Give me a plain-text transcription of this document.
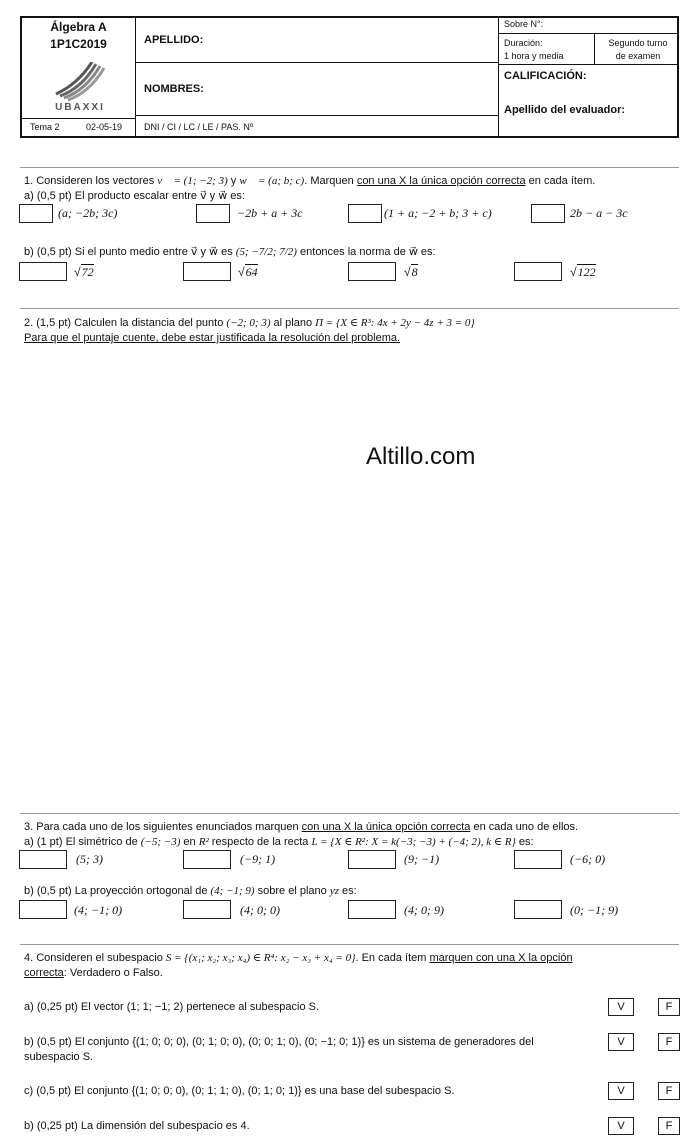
Álgebra A
1P1C2019
UBAXXI
Tema 2	02-05-19
APELLIDO:
NOMBRES:
DNI / CI / LC / LE / PAS. Nº
Sobre N°:
Duración:
1 hora y media
Segundo turno
de examen
CALIFICACIÓN:
Apellido del evaluador:
1. Consideren los vectores v⃗ = (1; −2; 3) y w⃗ = (a; b; c). Marquen con una X la única opción correcta en cada ítem.
a) (0,5 pt) El producto escalar entre v⃗ y w⃗ es:
(a; −2b; 3c)	−2b + a + 3c	(1 + a; −2 + b; 3 + c)	2b − a − 3c
b) (0,5 pt) Si el punto medio entre v⃗ y w⃗ es (5; −7/2; 7/2) entonces la norma de w⃗ es:
√72	√64	√8	√122
2. (1,5 pt) Calculen la distancia del punto (−2; 0; 3) al plano Π = {X ∈ R³: 4x + 2y − 4z + 3 = 0}
Para que el puntaje cuente, debe estar justificada la resolución del problema.
Altillo.com
3. Para cada uno de los siguientes enunciados marquen con una X la única opción correcta en cada uno de ellos.
a) (1 pt) El simétrico de (−5; −3) en R² respecto de la recta L = {X ∈ R²: X = k(−3; −3) + (−4; 2), k ∈ R} es:
(5; 3)	(−9; 1)	(9; −1)	(−6; 0)
b) (0,5 pt) La proyección ortogonal de (4; −1; 9) sobre el plano yz es:
(4; −1; 0)	(4; 0; 0)	(4; 0; 9)	(0; −1; 9)
4. Consideren el subespacio S = {(x₁; x₂; x₃; x₄) ∈ R⁴: x₂ − x₃ + x₄ = 0}. En cada ítem marquen con una X la opción
correcta: Verdadero o Falso.
a) (0,25 pt) El vector (1; 1; −1; 2) pertenece al subespacio S.	V	F
b) (0,5 pt) El conjunto {(1; 0; 0; 0), (0; 1; 0; 0), (0; 0; 1; 0), (0; −1; 0; 1)} es un sistema de generadores del
subespacio S.
V	F
c) (0,5 pt) El conjunto {(1; 0; 0; 0), (0; 1; 1; 0), (0; 1; 0; 1)} es una base del subespacio S.	V	F
b) (0,25 pt) La dimensión del subespacio es 4.	V	F
